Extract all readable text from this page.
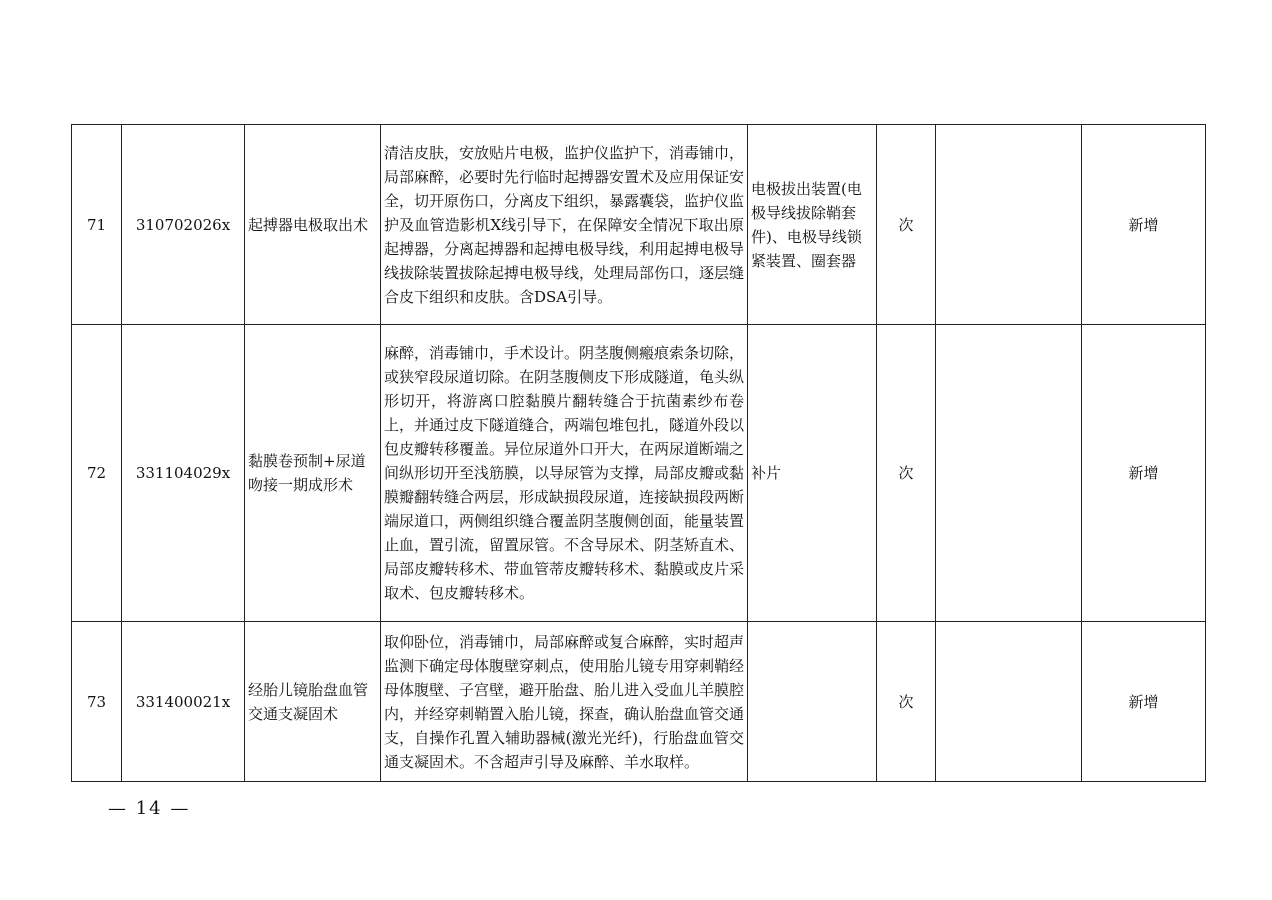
71	310702026x	起搏器电极取出术	清洁皮肤，安放贴片电极，监护仪监护下，消毒铺巾，局部麻醉，必要时先行临时起搏器安置术及应用保证安全，切开原伤口，分离皮下组织，暴露囊袋，监护仪监护及血管造影机X线引导下，在保障安全情况下取出原起搏器，分离起搏器和起搏电极导线，利用起搏电极导线拔除装置拔除起搏电极导线，处理局部伤口，逐层缝合皮下组织和皮肤。含DSA引导。	电极拔出装置(电极导线拔除鞘套件)、电极导线锁紧装置、圈套器	次		新增
72	331104029x	黏膜卷预制+尿道吻接一期成形术	麻醉，消毒铺巾，手术设计。阴茎腹侧瘢痕索条切除，或狭窄段尿道切除。在阴茎腹侧皮下形成隧道，龟头纵形切开，将游离口腔黏膜片翻转缝合于抗菌素纱布卷上，并通过皮下隧道缝合，两端包堆包扎，隧道外段以包皮瓣转移覆盖。异位尿道外口开大，在两尿道断端之间纵形切开至浅筋膜，以导尿管为支撑，局部皮瓣或黏膜瓣翻转缝合两层，形成缺损段尿道，连接缺损段两断端尿道口，两侧组织缝合覆盖阴茎腹侧创面，能量装置止血，置引流，留置尿管。不含导尿术、阴茎矫直术、局部皮瓣转移术、带血管蒂皮瓣转移术、黏膜或皮片采取术、包皮瓣转移术。	补片	次		新增
73	331400021x	经胎儿镜胎盘血管交通支凝固术	取仰卧位，消毒铺巾，局部麻醉或复合麻醉，实时超声监测下确定母体腹壁穿刺点，使用胎儿镜专用穿刺鞘经母体腹壁、子宫壁，避开胎盘、胎儿进入受血儿羊膜腔内，并经穿刺鞘置入胎儿镜，探查，确认胎盘血管交通支，自操作孔置入辅助器械(激光光纤)，行胎盘血管交通支凝固术。不含超声引导及麻醉、羊水取样。		次		新增
— 14 —
